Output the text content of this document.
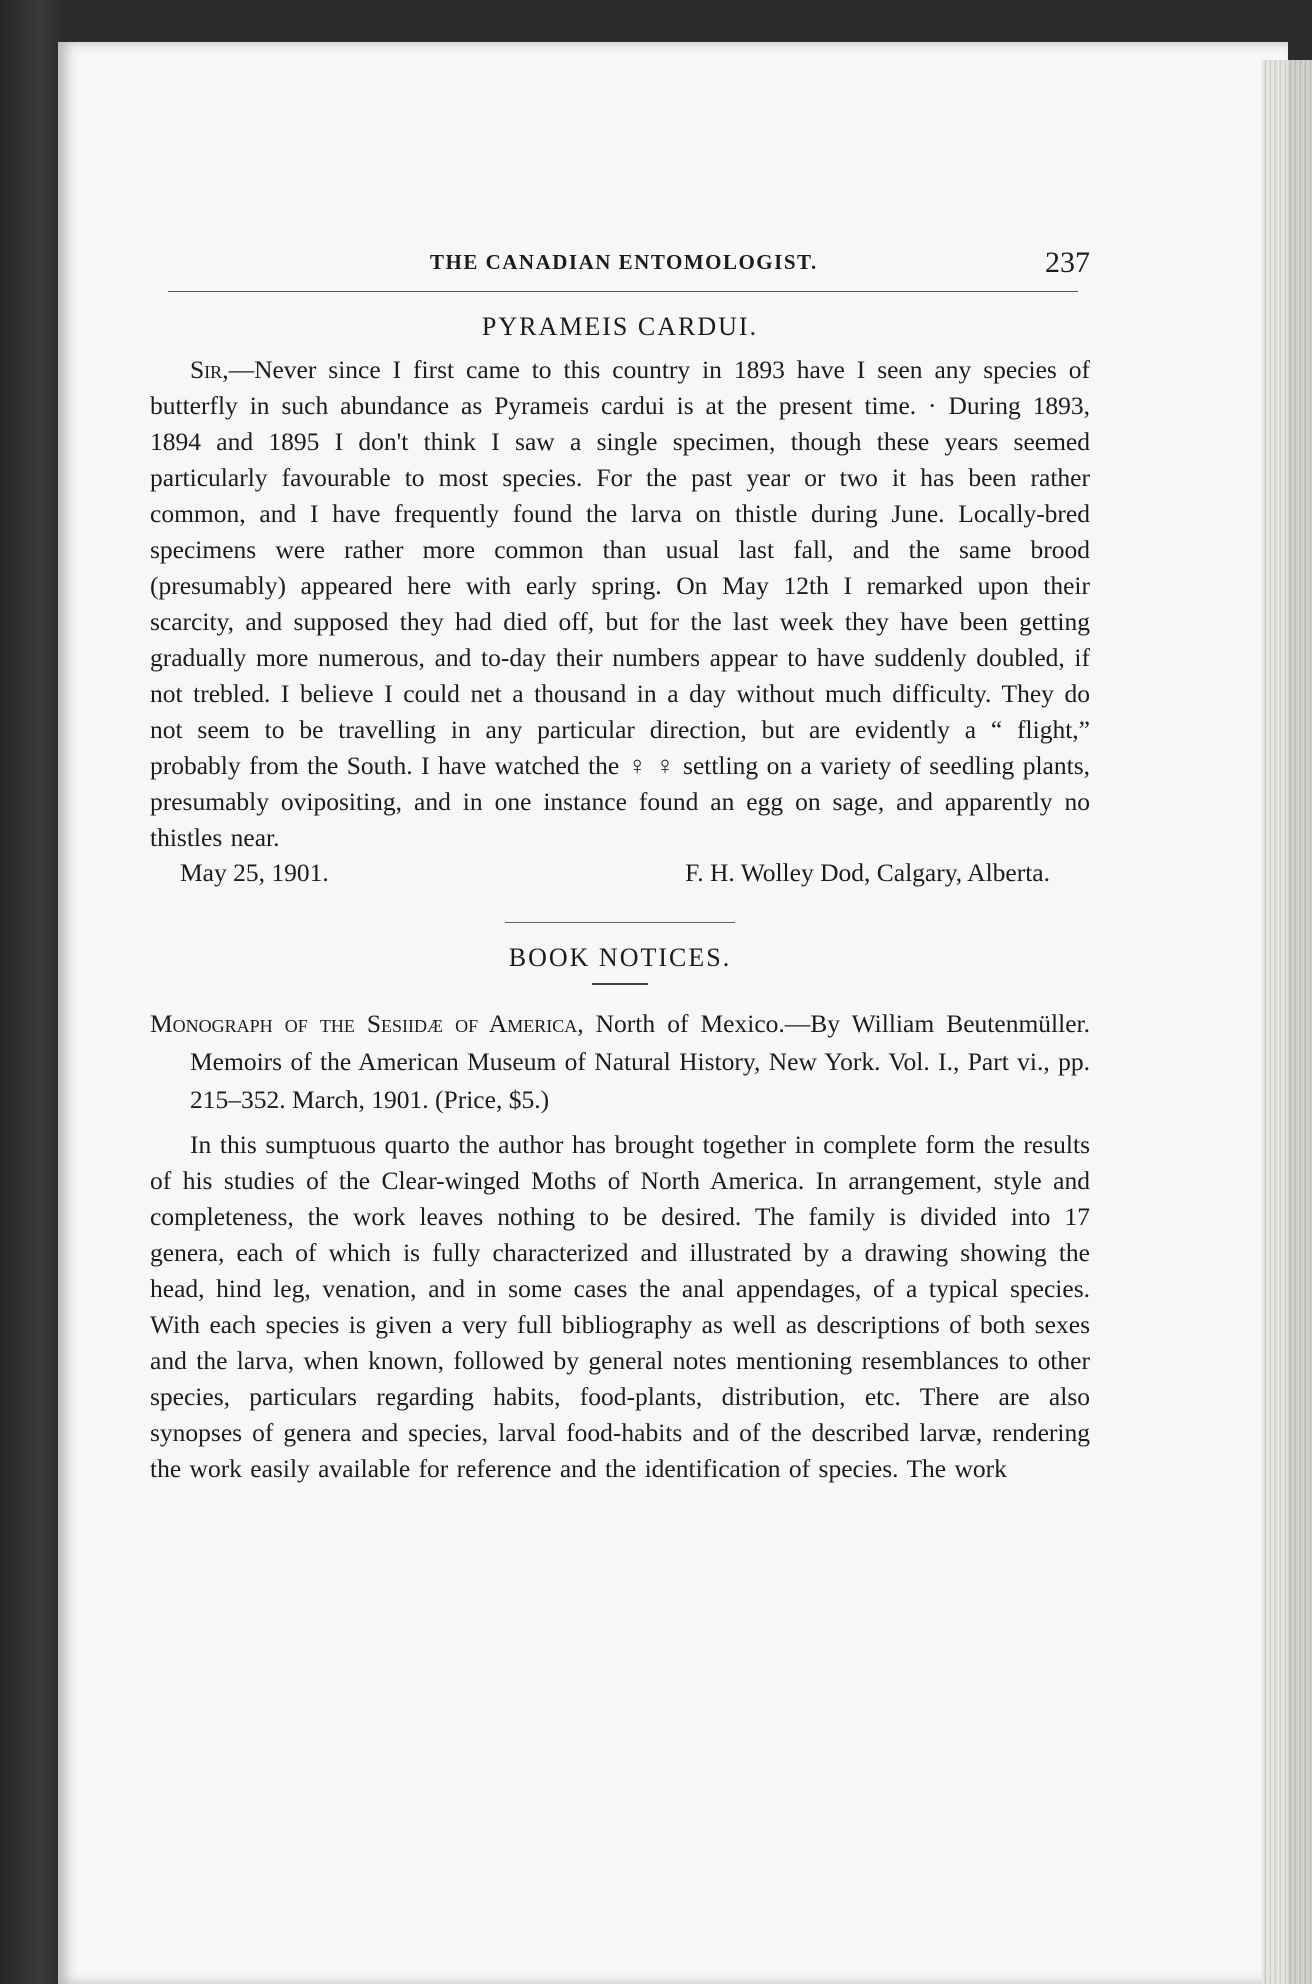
THE CANADIAN ENTOMOLOGIST.	237
PYRAMEIS CARDUI.

Sir,—Never since I first came to this country in 1893 have I seen any species of butterfly in such abundance as Pyrameis cardui is at the present time. · During 1893, 1894 and 1895 I don't think I saw a single specimen, though these years seemed particularly favourable to most species. For the past year or two it has been rather common, and I have frequently found the larva on thistle during June. Locally-bred specimens were rather more common than usual last fall, and the same brood (presumably) appeared here with early spring. On May 12th I remarked upon their scarcity, and supposed they had died off, but for the last week they have been getting gradually more numerous, and to-day their numbers appear to have suddenly doubled, if not trebled. I believe I could net a thousand in a day without much difficulty. They do not seem to be travelling in any particular direction, but are evidently a “ flight,” probably from the South. I have watched the ♀ ♀ settling on a variety of seedling plants, presumably ovipositing, and in one instance found an egg on sage, and apparently no thistles near.

May 25, 1901.	F. H. Wolley Dod, Calgary, Alberta.
BOOK NOTICES.

Monograph of the Sesiidæ of America, North of Mexico.—By William Beutenmüller. Memoirs of the American Museum of Natural History, New York. Vol. I., Part vi., pp. 215–352. March, 1901. (Price, $5.)

In this sumptuous quarto the author has brought together in complete form the results of his studies of the Clear-winged Moths of North America. In arrangement, style and completeness, the work leaves nothing to be desired. The family is divided into 17 genera, each of which is fully characterized and illustrated by a drawing showing the head, hind leg, venation, and in some cases the anal appendages, of a typical species. With each species is given a very full bibliography as well as descriptions of both sexes and the larva, when known, followed by general notes mentioning resemblances to other species, particulars regarding habits, food-plants, distribution, etc. There are also synopses of genera and species, larval food-habits and of the described larvæ, rendering the work easily available for reference and the identification of species. The work
